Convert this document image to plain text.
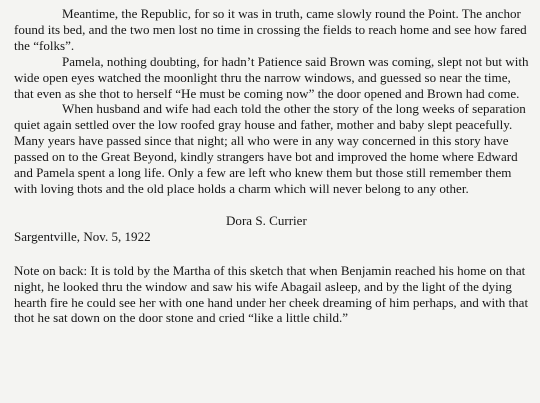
Meantime, the Republic, for so it was in truth, came slowly round the Point. The anchor found its bed, and the two men lost no time in crossing the fields to reach home and see how fared the “folks”.

Pamela, nothing doubting, for hadn’t Patience said Brown was coming, slept not but with wide open eyes watched the moonlight thru the narrow windows, and guessed so near the time, that even as she thot to herself “He must be coming now” the door opened and Brown had come.

When husband and wife had each told the other the story of the long weeks of separation quiet again settled over the low roofed gray house and father, mother and baby slept peacefully. Many years have passed since that night; all who were in any way concerned in this story have passed on to the Great Beyond, kindly strangers have bot and improved the home where Edward and Pamela spent a long life. Only a few are left who knew them but those still remember them with loving thots and the old place holds a charm which will never belong to any other.

Dora S. Currier

Sargentville, Nov. 5, 1922

Note on back: It is told by the Martha of this sketch that when Benjamin reached his home on that night, he looked thru the window and saw his wife Abagail asleep, and by the light of the dying hearth fire he could see her with one hand under her cheek dreaming of him perhaps, and with that thot he sat down on the door stone and cried “like a little child.”
